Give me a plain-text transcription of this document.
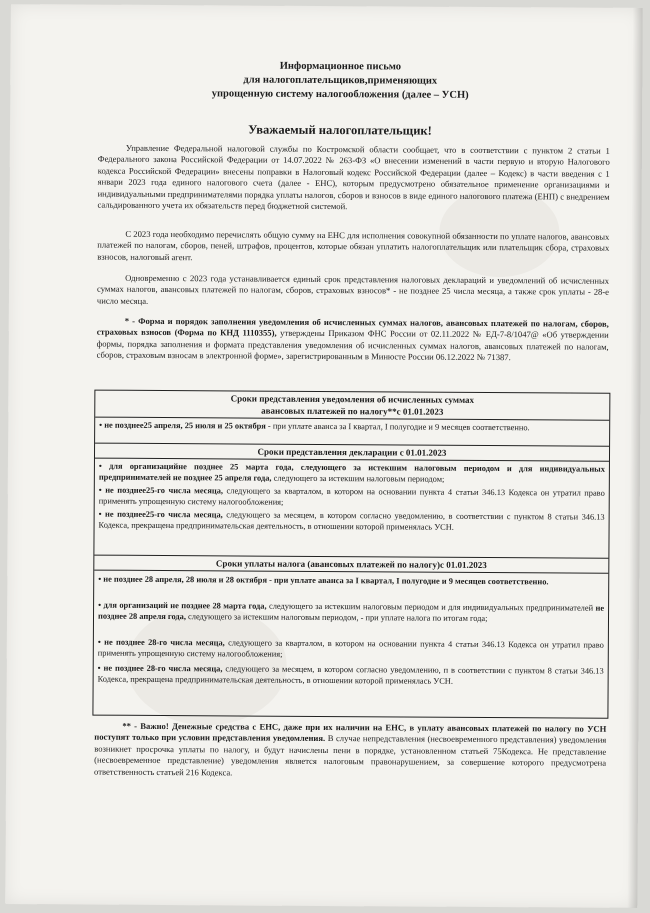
Информационное письмо
для налогоплательщиков,применяющих
упрощенную систему налогообложения (далее – УСН)
Уважаемый налогоплательщик!
Управление Федеральной налоговой службы по Костромской области сообщает, что в соответствии с пунктом 2 статьи 1 Федерального закона Российской Федерации от 14.07.2022 № 263-ФЗ «О внесении изменений в части первую и вторую Налогового кодекса Российской Федерации» внесены поправки в Налоговый кодекс Российской Федерации (далее – Кодекс) в части введения с 1 январи 2023 года единого налогового счета (далее - ЕНС), которым предусмотрено обязательное применение организациями и индивидуальными предпринимателями порядка уплаты налогов, сборов и взносов в виде единого налогового платежа (ЕНП) с внедрением сальдированного учета их обязательств перед бюджетной системой.
С 2023 года необходимо перечислять общую сумму на ЕНС для исполнения совокупной обязанности по уплате налогов, авансовых платежей по налогам, сборов, пеней, штрафов, процентов, которые обязан уплатить налогоплательщик или плательщик сбора, страховых взносов, налоговый агент.
Одновременно с 2023 года устанавливается единый срок представления налоговых деклараций и уведомлений об исчисленных суммах налогов, авансовых платежей по налогам, сборов, страховых взносов* - не позднее 25 числа месяца, а также срок уплаты - 28-е число месяца.
* - Форма и порядок заполнения уведомления об исчисленных суммах налогов, авансовых платежей по налогам, сборов, страховых взносов (Форма по КНД 1110355), утверждены Приказом ФНС России от 02.11.2022 № ЕД-7-8/1047@ «Об утверждении формы, порядка заполнения и формата представления уведомления об исчисленных суммах налогов, авансовых платежей по налогам, сборов, страховым взносам в электронной форме», зарегистрированным в Минюсте России 06.12.2022 № 71387.
Сроки представления уведомления об исчисленных суммах
авансовых платежей по налогу**с 01.01.2023
• не позднее25 апреля, 25 июля и 25 октября - при уплате аванса за I квартал, I полугодие и 9 месяцев соответственно.
Сроки представления декларации с 01.01.2023
• для организацийне позднее 25 марта года, следующего за истекшим налоговым периодом и для индивидуальных предпринимателей не позднее 25 апреля года, следующего за истекшим налоговым периодом;
• не позднее25-го числа месяца, следующего за кварталом, в котором на основании пункта 4 статьи 346.13 Кодекса он утратил право применять упрощенную систему налогообложения;
• не позднее25-го числа месяца, следующего за месяцем, в котором согласно уведомлению, в соответствии с пунктом 8 статьи 346.13 Кодекса, прекращена предпринимательская деятельность, в отношении которой применялась УСН.
Сроки уплаты налога (авансовых платежей по налогу)с 01.01.2023
• не позднее 28 апреля, 28 июля и 28 октября - при уплате аванса за I квартал, I полугодие и 9 месяцев соответственно.
• для организаций не позднее 28 марта года, следующего за истекшим налоговым периодом и для индивидуальных предпринимателей не позднее 28 апреля года, следующего за истекшим налоговым периодом, - при уплате налога по итогам года;
• не позднее 28-го числа месяца, следующего за кварталом, в котором на основании пункта 4 статьи 346.13 Кодекса он утратил право применять упрощенную систему налогообложения;
• не позднее 28-го числа месяца, следующего за месяцем, в котором согласно уведомлению, п в соответствии с пунктом 8 статьи 346.13 Кодекса, прекращена предпринимательская деятельность, в отношении которой применялась УСН.
** - Важно! Денежные средства с ЕНС, даже при их наличии на ЕНС, в уплату авансовых платежей по налогу по УСН поступят только при условии представления уведомления. В случае непредставления (несвоевременного представления) уведомления возникнет просрочка уплаты по налогу, и будут начислены пени в порядке, установленном статьей 75Кодекса. Не представление (несвоевременное представление) уведомления является налоговым правонарушением, за совершение которого предусмотрена ответственность статьей 216 Кодекса.
